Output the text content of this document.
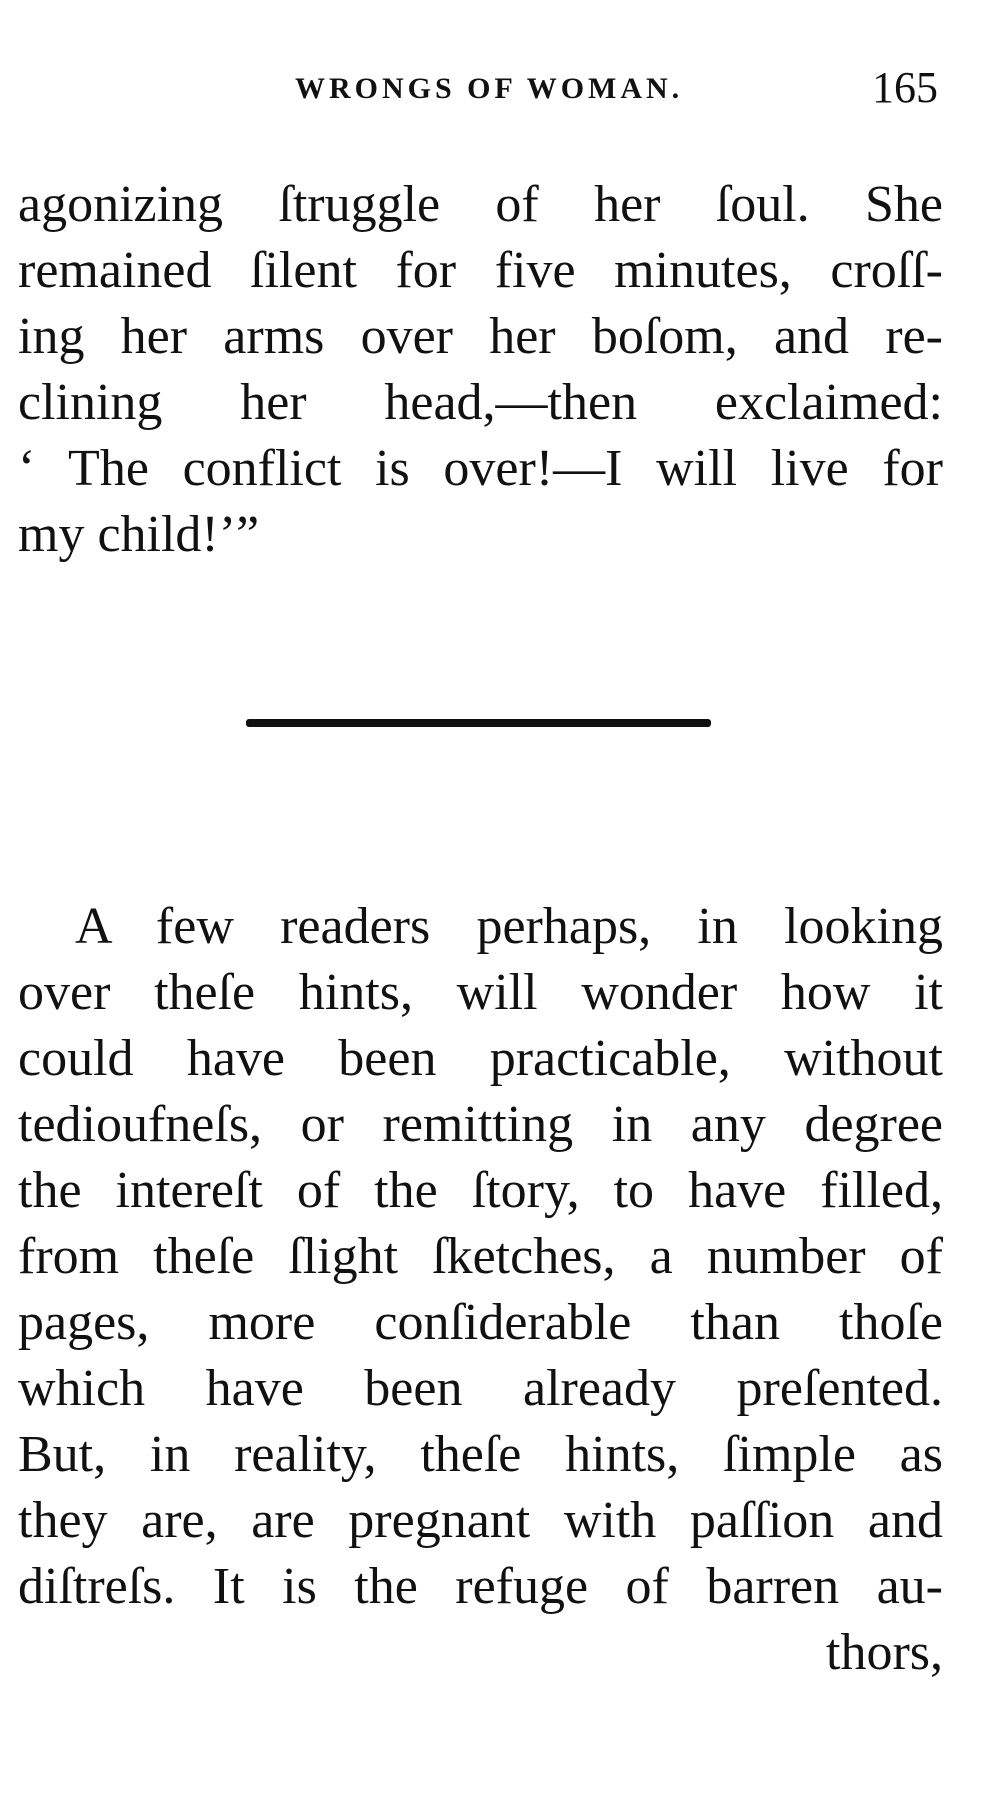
WRONGS OF WOMAN.	165
agonizing ſtruggle of her ſoul. She
remained ſilent for five minutes, croſſ-
ing her arms over her boſom, and re-
clining her head,—then exclaimed:
‘ The conflict is over!—I will live for
my child!’”
A few readers perhaps, in looking
over theſe hints, will wonder how it
could have been practicable, without
tedioufneſs, or remitting in any degree
the intereſt of the ſtory, to have filled,
from theſe ſlight ſketches, a number of
pages, more conſiderable than thoſe
which have been already preſented.
But, in reality, theſe hints, ſimple as
they are, are pregnant with paſſion and
diſtreſs. It is the refuge of barren au-
thors,
